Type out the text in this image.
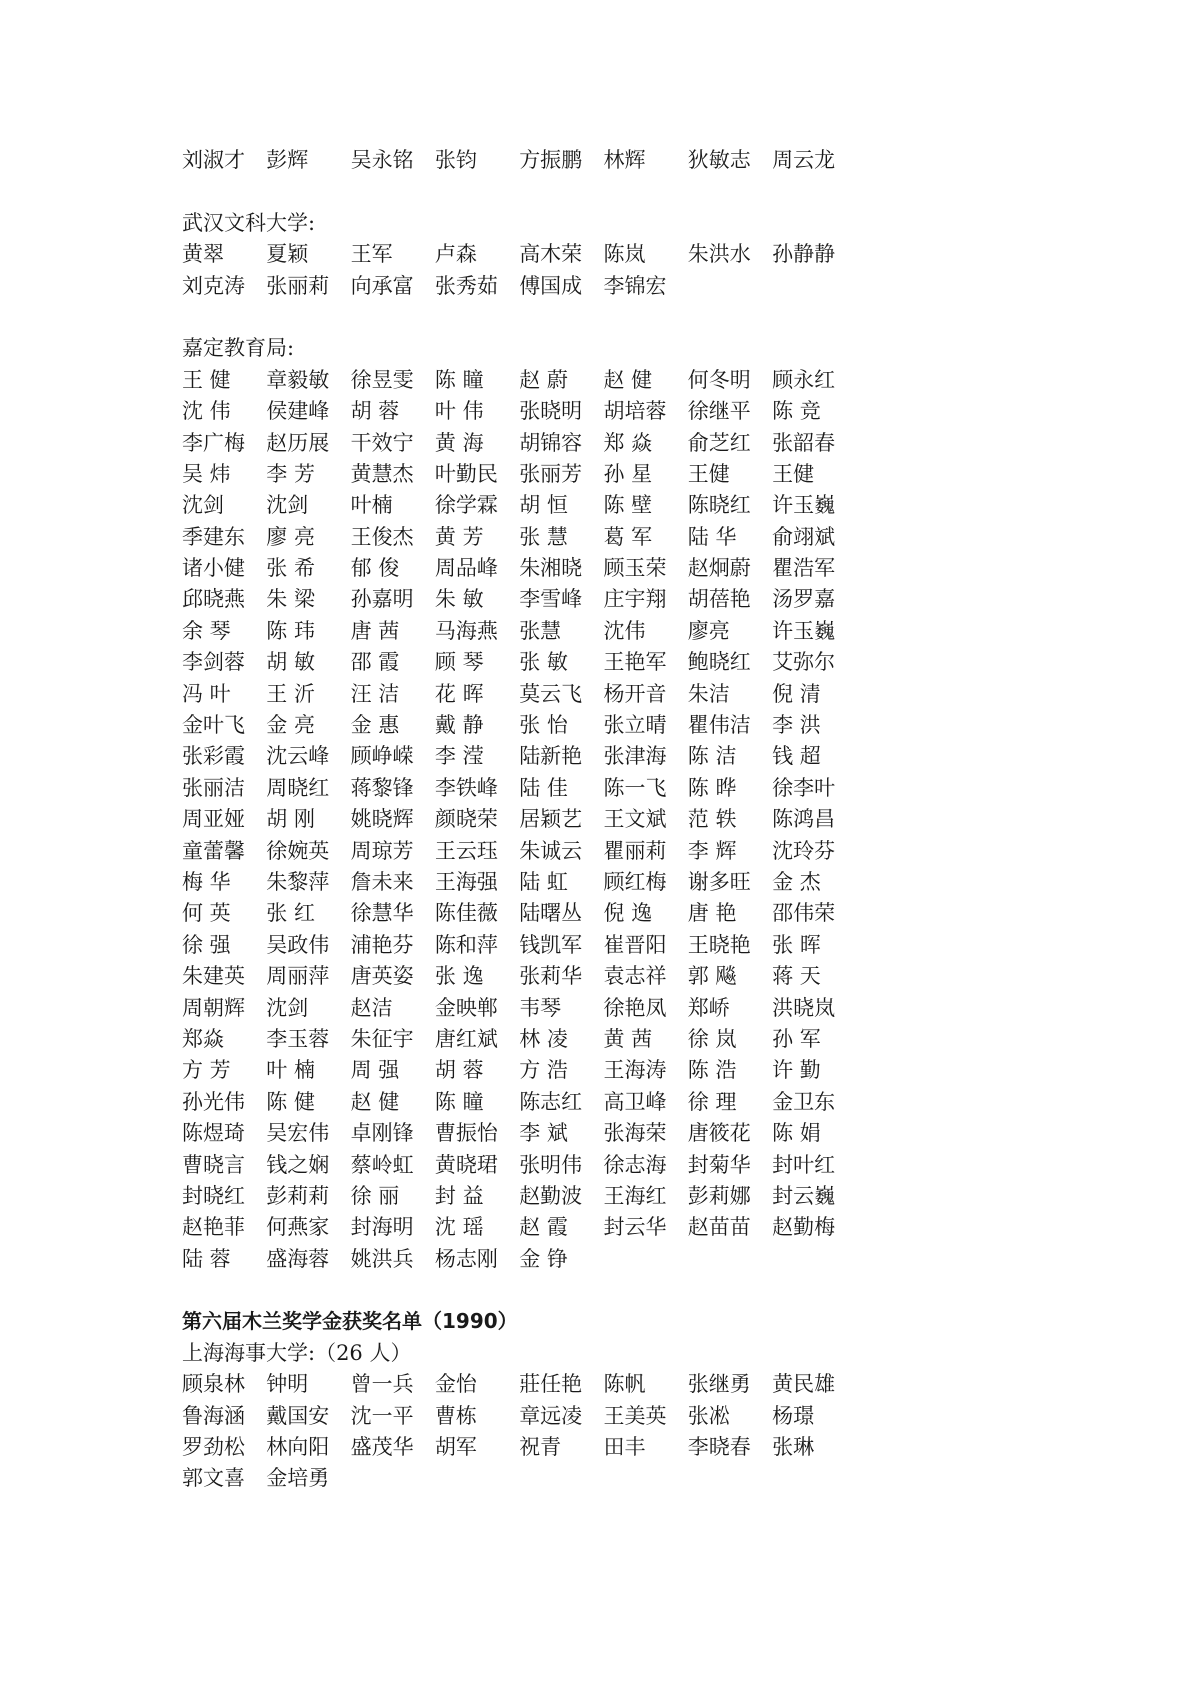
刘淑才 彭辉 吴永铭 张钧 方振鹏 林辉 狄敏志 周云龙
武汉文科大学:
黄翠 夏颖 王军 卢森 高木荣 陈岚 朱洪水 孙静静
刘克涛 张丽莉 向承富 张秀茹 傅国成 李锦宏
嘉定教育局:
王 健 章毅敏 徐昱雯 陈 瞳 赵 蔚 赵 健 何冬明 顾永红
沈 伟 侯建峰 胡 蓉 叶 伟 张晓明 胡培蓉 徐继平 陈 竞
李广梅 赵历展 干效宁 黄 海 胡锦容 郑 焱 俞芝红 张韶春
吴 炜 李 芳 黄慧杰 叶勤民 张丽芳 孙 星 王健 王健
沈剑 沈剑 叶楠 徐学霖 胡 恒 陈 壁 陈晓红 许玉巍
季建东 廖 亮 王俊杰 黄 芳 张 慧 葛 军 陆 华 俞翊斌
诸小健 张 希 郁 俊 周品峰 朱湘晓 顾玉荣 赵炯蔚 瞿浩军
邱晓燕 朱 梁 孙嘉明 朱 敏 李雪峰 庄宇翔 胡蓓艳 汤罗嘉
余 琴 陈 玮 唐 茜 马海燕 张慧 沈伟 廖亮 许玉巍
李剑蓉 胡 敏 邵 霞 顾 琴 张 敏 王艳军 鲍晓红 艾弥尔
冯 叶 王 沂 汪 洁 花 晖 莫云飞 杨开音 朱洁 倪 清
金叶飞 金 亮 金 惠 戴 静 张 怡 张立晴 瞿伟洁 李 洪
张彩霞 沈云峰 顾峥嵘 李 滢 陆新艳 张津海 陈 洁 钱 超
张丽洁 周晓红 蒋黎锋 李铁峰 陆 佳 陈一飞 陈 晔 徐李叶
周亚娅 胡 刚 姚晓辉 颜晓荣 居颖艺 王文斌 范 轶 陈鸿昌
童蕾馨 徐婉英 周琼芳 王云珏 朱诚云 瞿丽莉 李 辉 沈玲芬
梅 华 朱黎萍 詹未来 王海强 陆 虹 顾红梅 谢多旺 金 杰
何 英 张 红 徐慧华 陈佳薇 陆曙丛 倪 逸 唐 艳 邵伟荣
徐 强 吴政伟 浦艳芬 陈和萍 钱凯军 崔晋阳 王晓艳 张 晖
朱建英 周丽萍 唐英姿 张 逸 张莉华 袁志祥 郭 飚 蒋 天
周朝辉 沈剑 赵洁 金映郸 韦琴 徐艳凤 郑峤 洪晓岚
郑焱 李玉蓉 朱征宇 唐红斌 林 凌 黄 茜 徐 岚 孙 军
方 芳 叶 楠 周 强 胡 蓉 方 浩 王海涛 陈 浩 许 勤
孙光伟 陈 健 赵 健 陈 瞳 陈志红 高卫峰 徐 理 金卫东
陈煜琦 吴宏伟 卓刚锋 曹振怡 李 斌 张海荣 唐筱花 陈 娟
曹晓言 钱之娴 蔡岭虹 黄晓珺 张明伟 徐志海 封菊华 封叶红
封晓红 彭莉莉 徐 丽 封 益 赵勤波 王海红 彭莉娜 封云巍
赵艳菲 何燕家 封海明 沈 瑶 赵 霞 封云华 赵苗苗 赵勤梅
陆 蓉 盛海蓉 姚洪兵 杨志刚 金 铮
第六届木兰奖学金获奖名单（1990）
上海海事大学:（26 人）
顾泉林 钟明 曾一兵 金怡 莊任艳 陈帆 张继勇 黄民雄
鲁海涵 戴国安 沈一平 曹栋 章远凌 王美英 张凇 杨璟
罗劲松 林向阳 盛茂华 胡军 祝青 田丰 李晓春 张琳
郭文喜 金培勇
